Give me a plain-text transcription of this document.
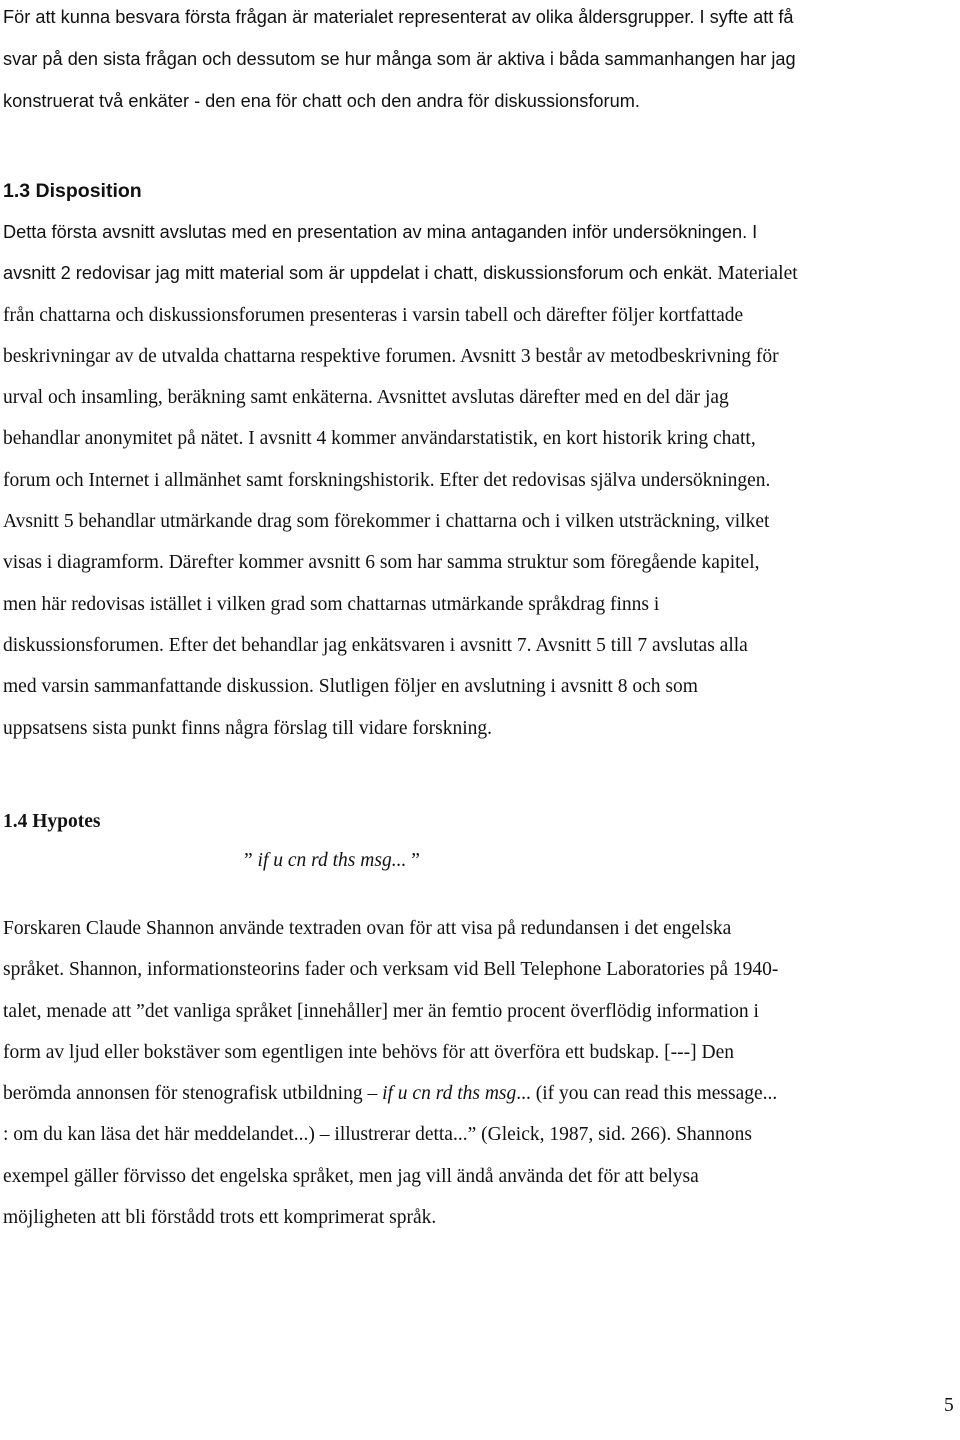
För att kunna besvara första frågan är materialet representerat av olika åldersgrupper. I syfte att få
svar på den sista frågan och dessutom se hur många som är aktiva i båda sammanhangen har jag
konstruerat två enkäter - den ena för chatt och den andra för diskussionsforum.

1.3 Disposition
Detta första avsnitt avslutas med en presentation av mina antaganden inför undersökningen. I
avsnitt 2 redovisar jag mitt material som är uppdelat i chatt, diskussionsforum och enkät. Materialet
från chattarna och diskussionsforumen presenteras i varsin tabell och därefter följer kortfattade
beskrivningar av de utvalda chattarna respektive forumen. Avsnitt 3 består av metodbeskrivning för
urval och insamling, beräkning samt enkäterna. Avsnittet avslutas därefter med en del där jag
behandlar anonymitet på nätet. I avsnitt 4 kommer användarstatistik, en kort historik kring chatt,
forum och Internet i allmänhet samt forskningshistorik. Efter det redovisas själva undersökningen.
Avsnitt 5 behandlar utmärkande drag som förekommer i chattarna och i vilken utsträckning, vilket
visas i diagramform. Därefter kommer avsnitt 6 som har samma struktur som föregående kapitel,
men här redovisas istället i vilken grad som chattarnas utmärkande språkdrag finns i
diskussionsforumen. Efter det behandlar jag enkätsvaren i avsnitt 7. Avsnitt 5 till 7 avslutas alla
med varsin sammanfattande diskussion. Slutligen följer en avslutning i avsnitt 8 och som
uppsatsens sista punkt finns några förslag till vidare forskning.
1.4 Hypotes

” if u cn rd ths msg... ”

Forskaren Claude Shannon använde textraden ovan för att visa på redundansen i det engelska
språket. Shannon, informationsteorins fader och verksam vid Bell Telephone Laboratories på 1940-
talet, menade att ”det vanliga språket [innehåller] mer än femtio procent överflödig information i
form av ljud eller bokstäver som egentligen inte behövs för att överföra ett budskap. [---] Den
berömda annonsen för stenografisk utbildning – if u cn rd ths msg... (if you can read this message...
: om du kan läsa det här meddelandet...) – illustrerar detta...” (Gleick, 1987, sid. 266). Shannons
exempel gäller förvisso det engelska språket, men jag vill ändå använda det för att belysa
möjligheten att bli förstådd trots ett komprimerat språk.
5
